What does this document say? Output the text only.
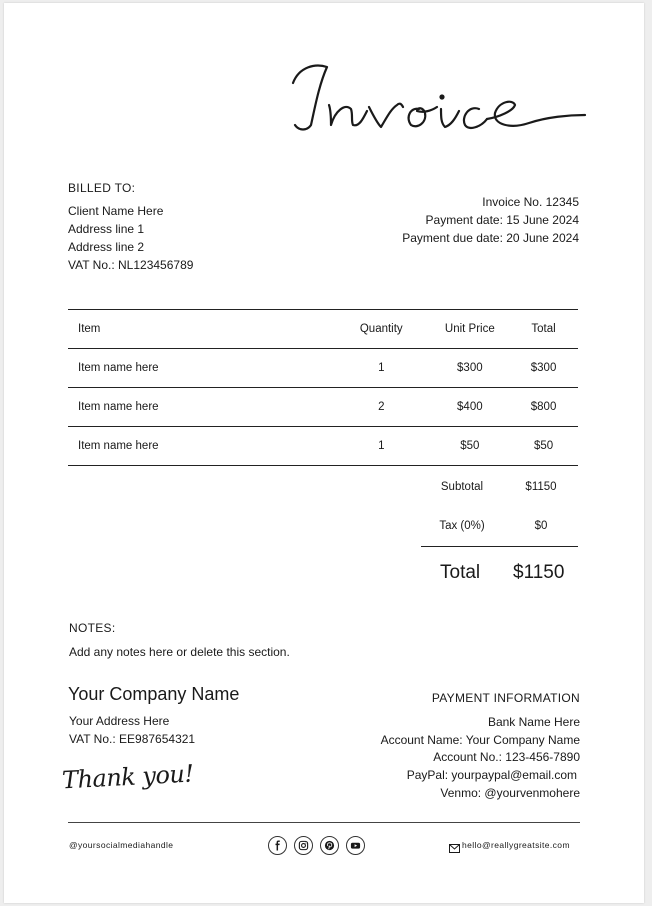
BILLED TO:
Client Name Here
Address line 1
Address line 2
VAT No.: NL123456789
Invoice No. 12345
Payment date: 15 June 2024
Payment due date: 20 June 2024
Item	Quantity	Unit Price	Total
Item name here	1	$300	$300
Item name here	2	$400	$800
Item name here	1	$50	$50
Subtotal	$1150
Tax (0%)	$0
Total $1150
NOTES:
Add any notes here or delete this section.
Your Company Name
Your Address Here
VAT No.: EE987654321
Thank you!
PAYMENT INFORMATION
Bank Name Here
Account Name: Your Company Name
Account No.: 123-456-7890
PayPal: yourpaypal@email.com
Venmo: @yourvenmohere
@yoursocialmediahandle	hello@reallygreatsite.com
